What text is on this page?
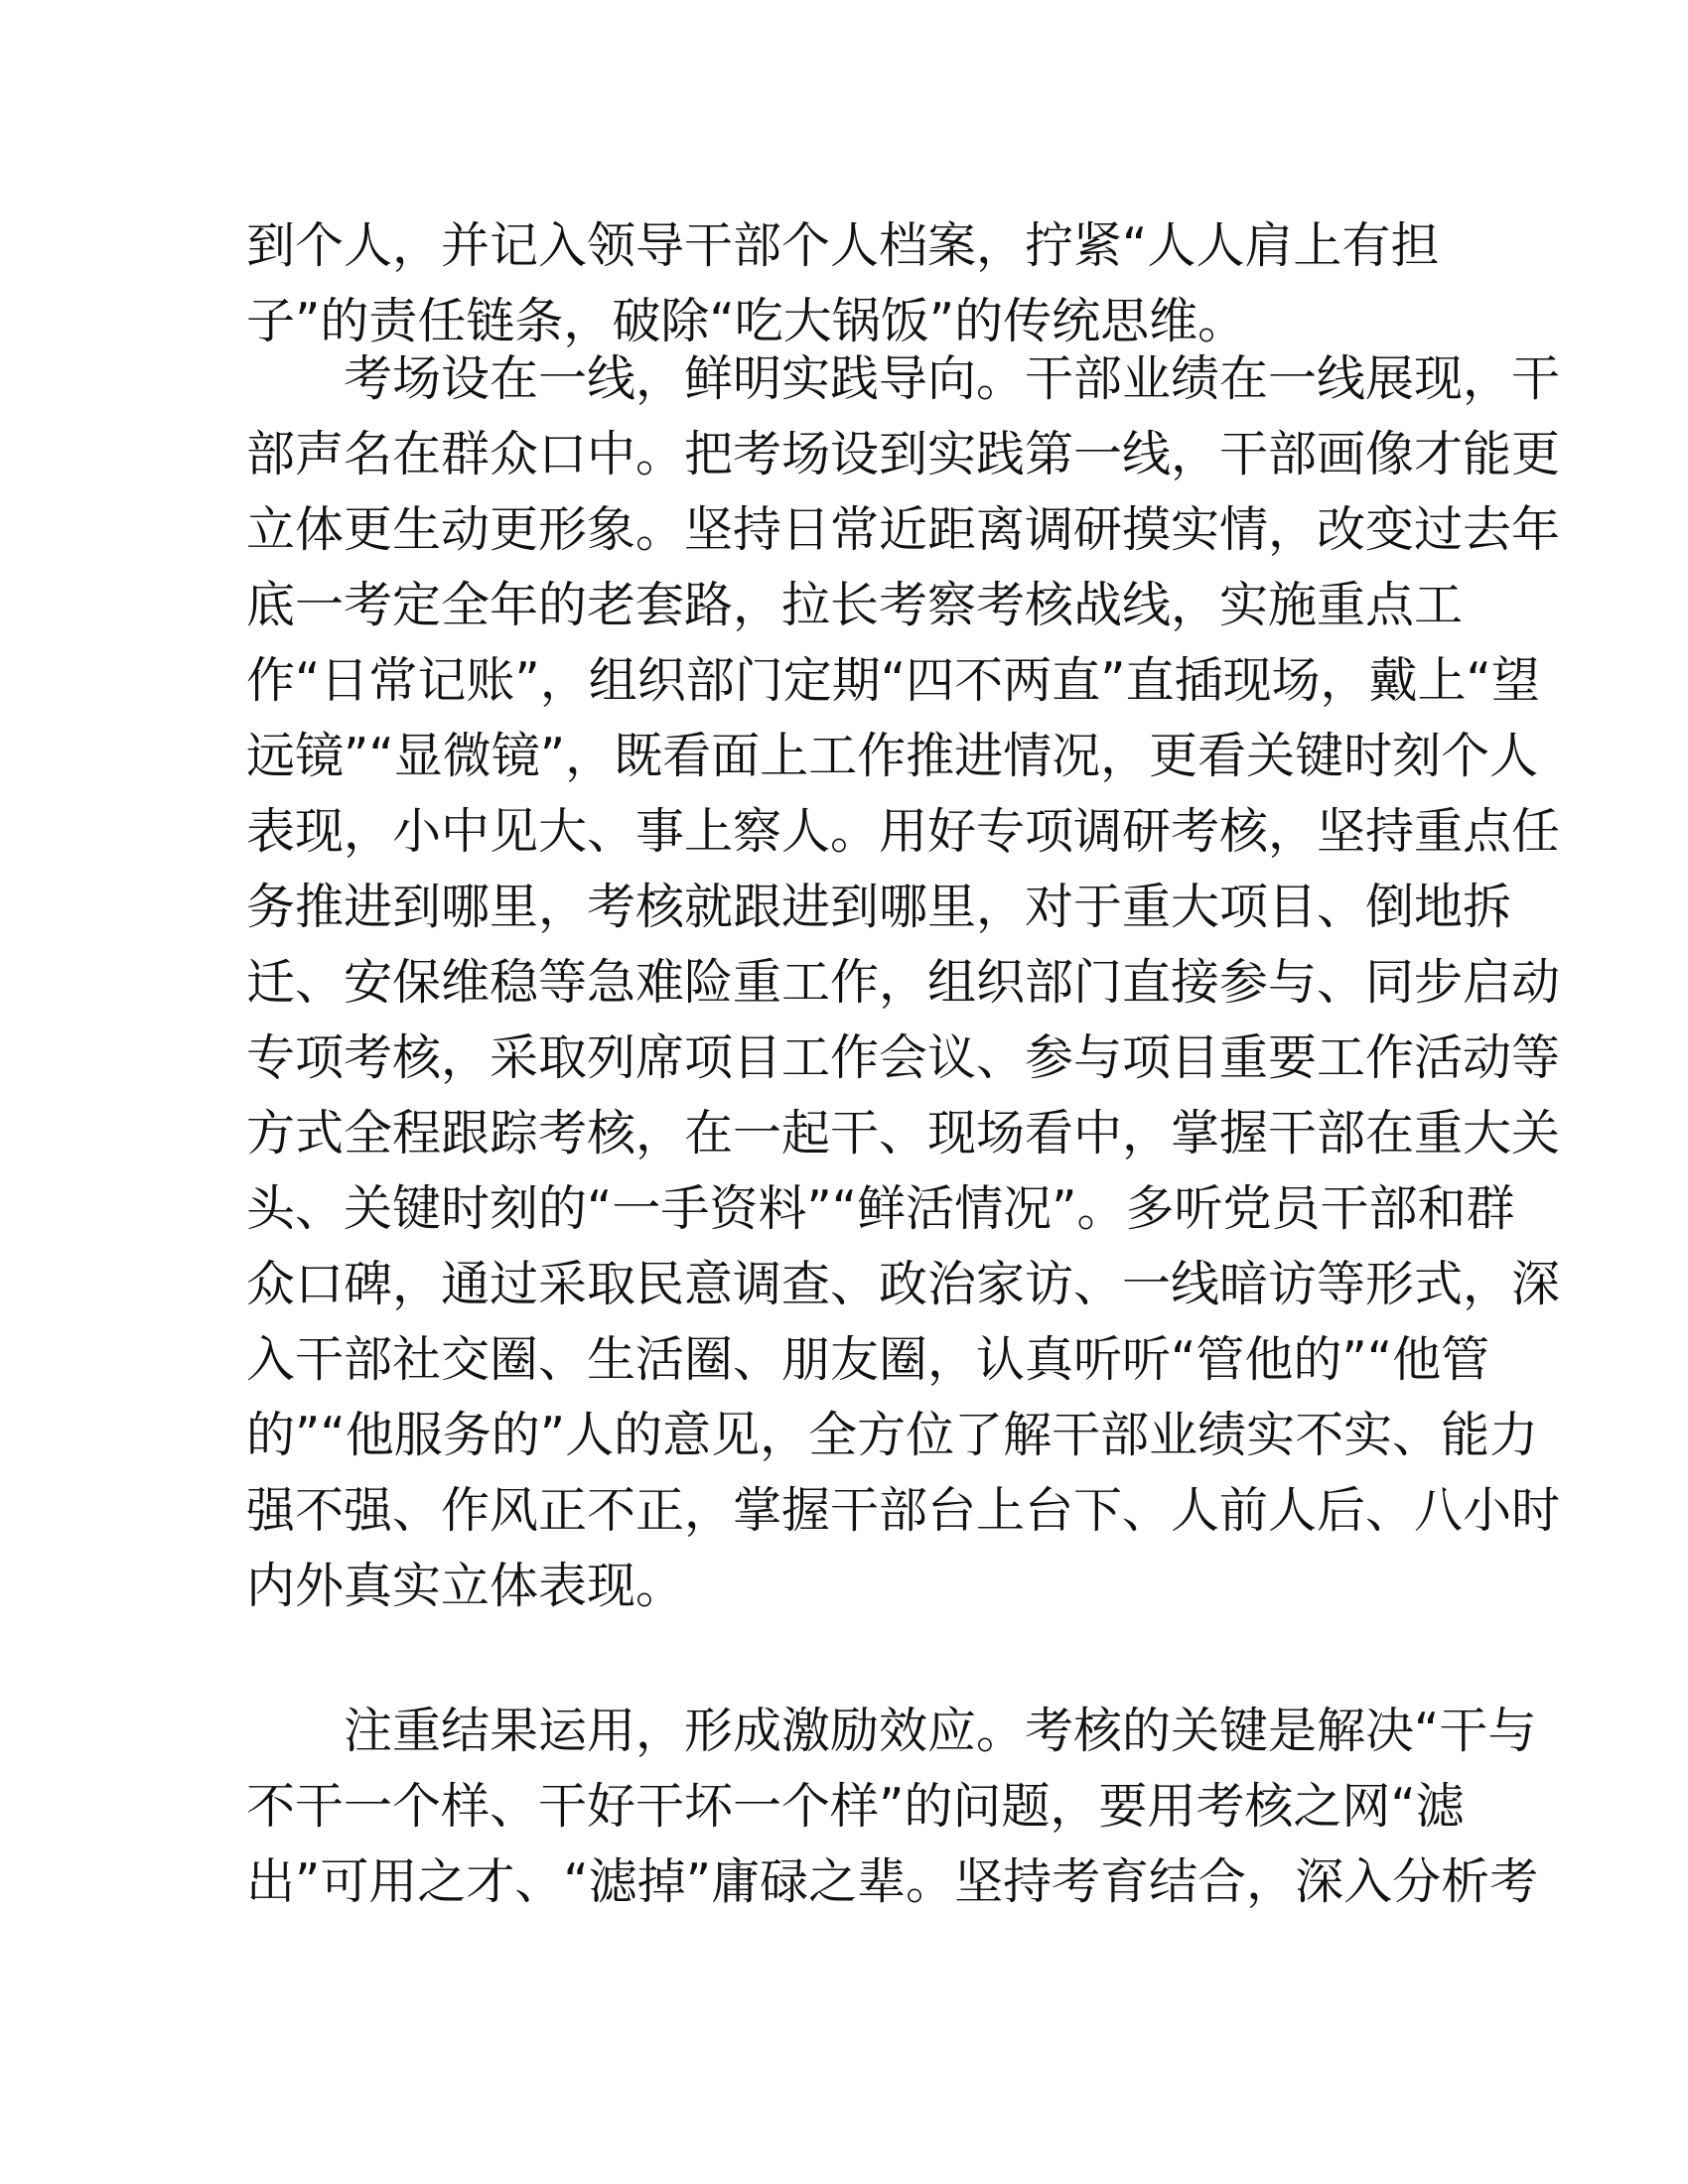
到个人，并记入领导干部个人档案，拧紧“人人肩上有担
子”的责任链条，破除“吃大锅饭”的传统思维。
考场设在一线，鲜明实践导向。干部业绩在一线展现，干
部声名在群众口中。把考场设到实践第一线，干部画像才能更
立体更生动更形象。坚持日常近距离调研摸实情，改变过去年
底一考定全年的老套路，拉长考察考核战线，实施重点工
作“日常记账”，组织部门定期“四不两直”直插现场，戴上“望
远镜”“显微镜”，既看面上工作推进情况，更看关键时刻个人
表现，小中见大、事上察人。用好专项调研考核，坚持重点任
务推进到哪里，考核就跟进到哪里，对于重大项目、倒地拆
迁、安保维稳等急难险重工作，组织部门直接参与、同步启动
专项考核，采取列席项目工作会议、参与项目重要工作活动等
方式全程跟踪考核，在一起干、现场看中，掌握干部在重大关
头、关键时刻的“一手资料”“鲜活情况”。多听党员干部和群
众口碑，通过采取民意调查、政治家访、一线暗访等形式，深
入干部社交圈、生活圈、朋友圈，认真听听“管他的”“他管
的”“他服务的”人的意见，全方位了解干部业绩实不实、能力
强不强、作风正不正，掌握干部台上台下、人前人后、八小时
内外真实立体表现。
注重结果运用，形成激励效应。考核的关键是解决“干与
不干一个样、干好干坏一个样”的问题，要用考核之网“滤
出”可用之才、“滤掉”庸碌之辈。坚持考育结合，深入分析考
